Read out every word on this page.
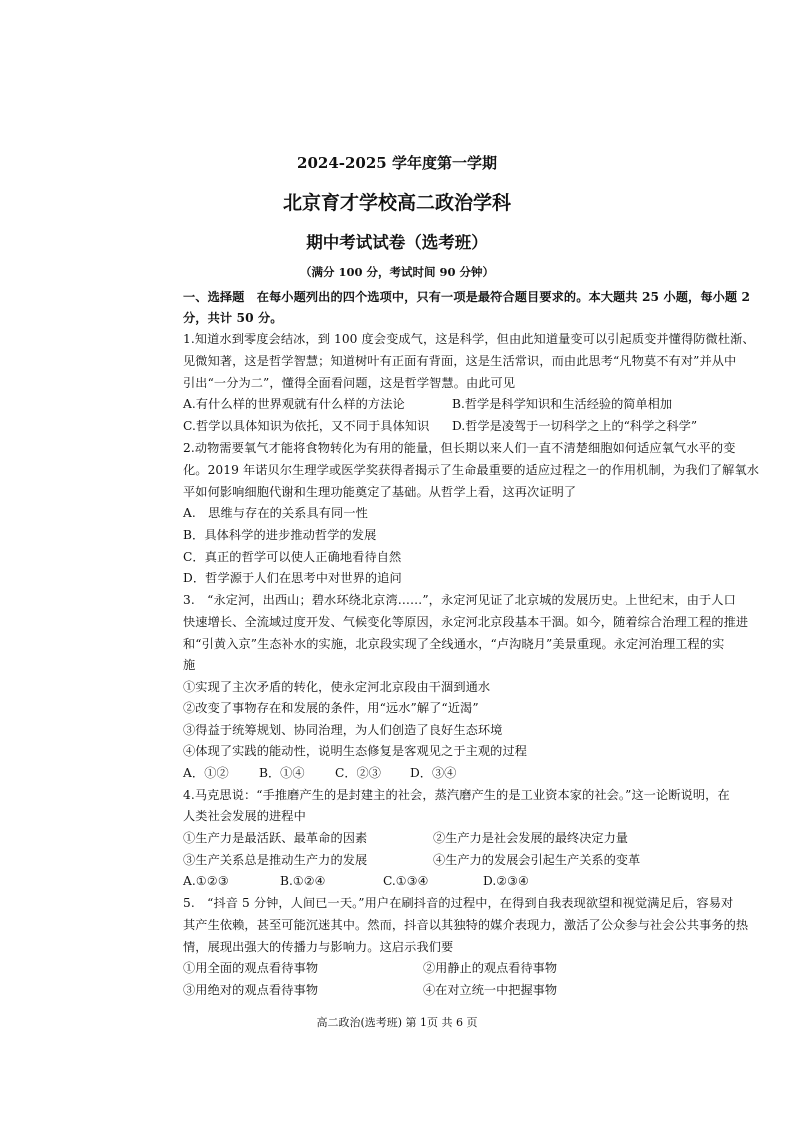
2024-2025 学年度第一学期
北京育才学校高二政治学科
期中考试试卷（选考班）
（满分 100 分，考试时间 90 分钟）
一、选择题　在每小题列出的四个选项中，只有一项是最符合题目要求的。本大题共 25 小题，每小题 2
分，共计 50 分。
1.知道水到零度会结冰，到 100 度会变成气，这是科学，但由此知道量变可以引起质变并懂得防微杜渐、
见微知著，这是哲学智慧；知道树叶有正面有背面，这是生活常识，而由此思考“凡物莫不有对”并从中
引出“一分为二”，懂得全面看问题，这是哲学智慧。由此可见
A.有什么样的世界观就有什么样的方法论	B.哲学是科学知识和生活经验的简单相加
C.哲学以具体知识为依托，又不同于具体知识 D.哲学是凌驾于一切科学之上的“科学之科学”
2.动物需要氧气才能将食物转化为有用的能量，但长期以来人们一直不清楚细胞如何适应氧气水平的变
化。2019 年诺贝尔生理学或医学奖获得者揭示了生命最重要的适应过程之一的作用机制，为我们了解氧水
平如何影响细胞代谢和生理功能奠定了基础。从哲学上看，这再次证明了
A.　思维与存在的关系具有同一性
B．具体科学的进步推动哲学的发展
C．真正的哲学可以使人正确地看待自然
D．哲学源于人们在思考中对世界的追问
3.　“永定河，出西山；碧水环绕北京湾……”，永定河见证了北京城的发展历史。上世纪末，由于人口
快速增长、全流域过度开发、气候变化等原因，永定河北京段基本干涸。如今，随着综合治理工程的推进
和“引黄入京”生态补水的实施，北京段实现了全线通水，“卢沟晓月”美景重现。永定河治理工程的实
施
①实现了主次矛盾的转化，使永定河北京段由干涸到通水
②改变了事物存在和发展的条件，用“远水”解了“近渴”
③得益于统筹规划、协同治理，为人们创造了良好生态环境
④体现了实践的能动性，说明生态修复是客观见之于主观的过程
A．①② B．①④ C．②③ D．③④
4.马克思说：“手推磨产生的是封建主的社会，蒸汽磨产生的是工业资本家的社会。”这一论断说明，在
人类社会发展的进程中
①生产力是最活跃、最革命的因素	②生产力是社会发展的最终决定力量
③生产关系总是推动生产力的发展	④生产力的发展会引起生产关系的变革
A.①②③	B.①②④	C.①③④	D.②③④
5.　“抖音 5 分钟，人间已一天。”用户在刷抖音的过程中，在得到自我表现欲望和视觉满足后，容易对
其产生依赖，甚至可能沉迷其中。然而，抖音以其独特的媒介表现力，激活了公众参与社会公共事务的热
情，展现出强大的传播力与影响力。这启示我们要
①用全面的观点看待事物	②用静止的观点看待事物
③用绝对的观点看待事物	④在对立统一中把握事物
高二政治(选考班) 第 1页 共 6 页
